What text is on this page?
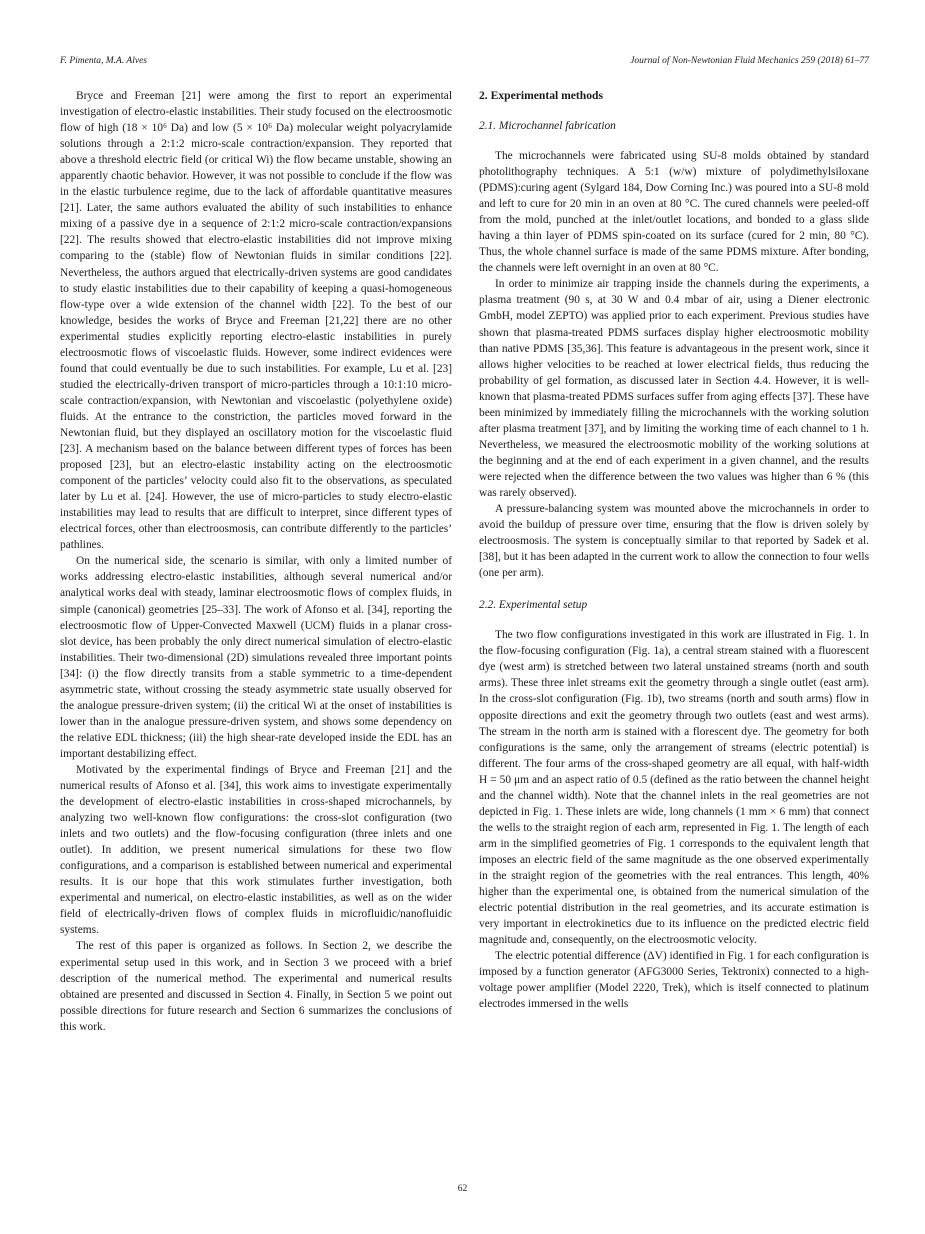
F. Pimenta, M.A. Alves	Journal of Non-Newtonian Fluid Mechanics 259 (2018) 61–77

Bryce and Freeman [21] were among the first to report an experimental investigation of electro-elastic instabilities. Their study focused on the electroosmotic flow of high (18 × 10⁶ Da) and low (5 × 10⁶ Da) molecular weight polyacrylamide solutions through a 2:1:2 micro-scale contraction/expansion. They reported that above a threshold electric field (or critical Wi) the flow became unstable, showing an apparently chaotic behavior. However, it was not possible to conclude if the flow was in the elastic turbulence regime, due to the lack of affordable quantitative measures [21]. Later, the same authors evaluated the ability of such instabilities to enhance mixing of a passive dye in a sequence of 2:1:2 micro-scale contraction/expansions [22]. The results showed that electro-elastic instabilities did not improve mixing comparing to the (stable) flow of Newtonian fluids in similar conditions [22]. Nevertheless, the authors argued that electrically-driven systems are good candidates to study elastic instabilities due to their capability of keeping a quasi-homogeneous flow-type over a wide extension of the channel width [22]. To the best of our knowledge, besides the works of Bryce and Freeman [21,22] there are no other experimental studies explicitly reporting electro-elastic instabilities in purely electroosmotic flows of viscoelastic fluids. However, some indirect evidences were found that could eventually be due to such instabilities. For example, Lu et al. [23] studied the electrically-driven transport of micro-particles through a 10:1:10 micro-scale contraction/expansion, with Newtonian and viscoelastic (polyethylene oxide) fluids. At the entrance to the constriction, the particles moved forward in the Newtonian fluid, but they displayed an oscillatory motion for the viscoelastic fluid [23]. A mechanism based on the balance between different types of forces has been proposed [23], but an electro-elastic instability acting on the electroosmotic component of the particles’ velocity could also fit to the observations, as speculated later by Lu et al. [24]. However, the use of micro-particles to study electro-elastic instabilities may lead to results that are difficult to interpret, since different types of electrical forces, other than electroosmosis, can contribute differently to the particles’ pathlines.

On the numerical side, the scenario is similar, with only a limited number of works addressing electro-elastic instabilities, although several numerical and/or analytical works deal with steady, laminar electroosmotic flows of complex fluids, in simple (canonical) geometries [25–33]. The work of Afonso et al. [34], reporting the electroosmotic flow of Upper-Convected Maxwell (UCM) fluids in a planar cross-slot device, has been probably the only direct numerical simulation of electro-elastic instabilities. Their two-dimensional (2D) simulations revealed three important points [34]: (i) the flow directly transits from a stable symmetric to a time-dependent asymmetric state, without crossing the steady asymmetric state usually observed for the analogue pressure-driven system; (ii) the critical Wi at the onset of instabilities is lower than in the analogue pressure-driven system, and shows some dependency on the relative EDL thickness; (iii) the high shear-rate developed inside the EDL has an important destabilizing effect.

Motivated by the experimental findings of Bryce and Freeman [21] and the numerical results of Afonso et al. [34], this work aims to investigate experimentally the development of electro-elastic instabilities in cross-shaped microchannels, by analyzing two well-known flow configurations: the cross-slot configuration (two inlets and two outlets) and the flow-focusing configuration (three inlets and one outlet). In addition, we present numerical simulations for these two flow configurations, and a comparison is established between numerical and experimental results. It is our hope that this work stimulates further investigation, both experimental and numerical, on electro-elastic instabilities, as well as on the wider field of electrically-driven flows of complex fluids in microfluidic/nanofluidic systems.

The rest of this paper is organized as follows. In Section 2, we describe the experimental setup used in this work, and in Section 3 we proceed with a brief description of the numerical method. The experimental and numerical results obtained are presented and discussed in Section 4. Finally, in Section 5 we point out possible directions for future research and Section 6 summarizes the conclusions of this work.

2. Experimental methods
2.1. Microchannel fabrication

The microchannels were fabricated using SU-8 molds obtained by standard photolithography techniques. A 5:1 (w/w) mixture of polydimethylsiloxane (PDMS):curing agent (Sylgard 184, Dow Corning Inc.) was poured into a SU-8 mold and left to cure for 20 min in an oven at 80 °C. The cured channels were peeled-off from the mold, punched at the inlet/outlet locations, and bonded to a glass slide having a thin layer of PDMS spin-coated on its surface (cured for 2 min, 80 °C). Thus, the whole channel surface is made of the same PDMS mixture. After bonding, the channels were left overnight in an oven at 80 °C.

In order to minimize air trapping inside the channels during the experiments, a plasma treatment (90 s, at 30 W and 0.4 mbar of air, using a Diener electronic GmbH, model ZEPTO) was applied prior to each experiment. Previous studies have shown that plasma-treated PDMS surfaces display higher electroosmotic mobility than native PDMS [35,36]. This feature is advantageous in the present work, since it allows higher velocities to be reached at lower electrical fields, thus reducing the probability of gel formation, as discussed later in Section 4.4. However, it is well-known that plasma-treated PDMS surfaces suffer from aging effects [37]. These have been minimized by immediately filling the microchannels with the working solution after plasma treatment [37], and by limiting the working time of each channel to 1 h. Nevertheless, we measured the electroosmotic mobility of the working solutions at the beginning and at the end of each experiment in a given channel, and the results were rejected when the difference between the two values was higher than 6 % (this was rarely observed).

A pressure-balancing system was mounted above the microchannels in order to avoid the buildup of pressure over time, ensuring that the flow is driven solely by electroosmosis. The system is conceptually similar to that reported by Sadek et al. [38], but it has been adapted in the current work to allow the connection to four wells (one per arm).

2.2. Experimental setup

The two flow configurations investigated in this work are illustrated in Fig. 1. In the flow-focusing configuration (Fig. 1a), a central stream stained with a fluorescent dye (west arm) is stretched between two lateral unstained streams (north and south arms). These three inlet streams exit the geometry through a single outlet (east arm). In the cross-slot configuration (Fig. 1b), two streams (north and south arms) flow in opposite directions and exit the geometry through two outlets (east and west arms). The stream in the north arm is stained with a florescent dye. The geometry for both configurations is the same, only the arrangement of streams (electric potential) is different. The four arms of the cross-shaped geometry are all equal, with half-width H = 50 μm and an aspect ratio of 0.5 (defined as the ratio between the channel height and the channel width). Note that the channel inlets in the real geometries are not depicted in Fig. 1. These inlets are wide, long channels (1 mm × 6 mm) that connect the wells to the straight region of each arm, represented in Fig. 1. The length of each arm in the simplified geometries of Fig. 1 corresponds to the equivalent length that imposes an electric field of the same magnitude as the one observed experimentally in the straight region of the geometries with the real entrances. This length, 40% higher than the experimental one, is obtained from the numerical simulation of the electric potential distribution in the real geometries, and its accurate estimation is very important in electrokinetics due to its influence on the predicted electric field magnitude and, consequently, on the electroosmotic velocity.

The electric potential difference (ΔV) identified in Fig. 1 for each configuration is imposed by a function generator (AFG3000 Series, Tektronix) connected to a high-voltage power amplifier (Model 2220, Trek), which is itself connected to platinum electrodes immersed in the wells

62
